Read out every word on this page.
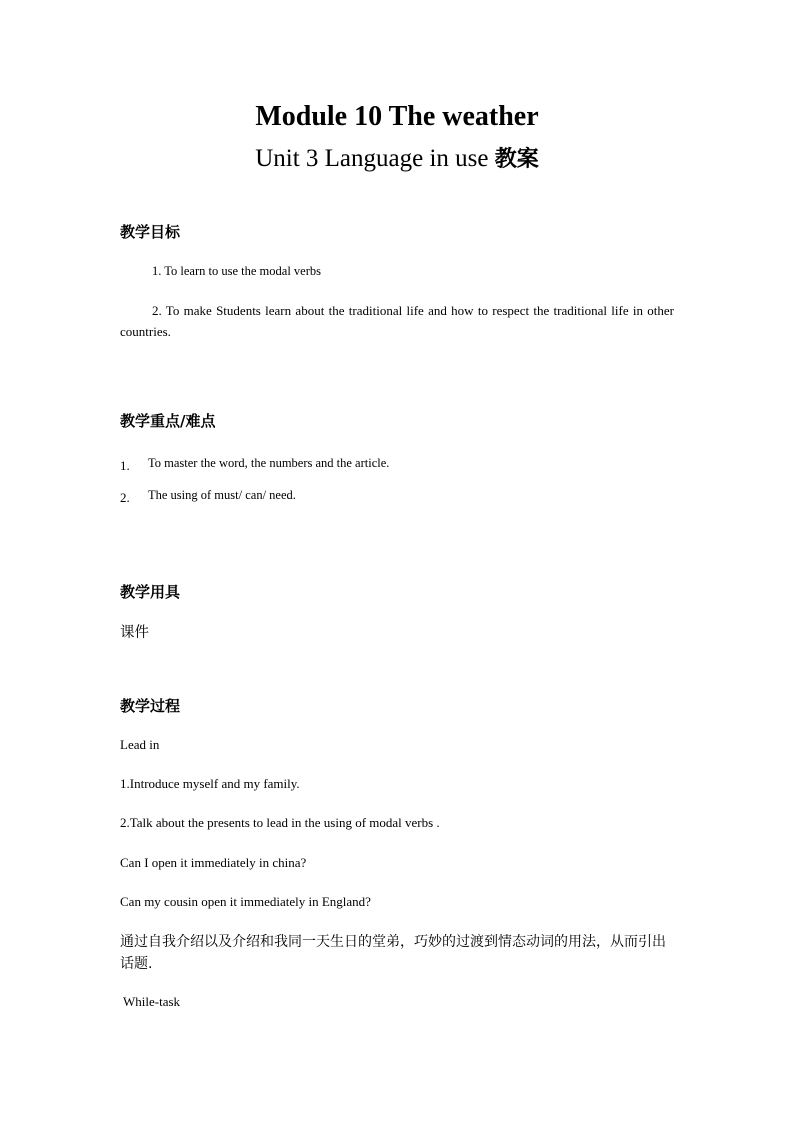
Module 10 The weather
Unit 3 Language in use 教案
教学目标
1. To learn to use the modal verbs
2. To make Students learn about the traditional life and how to respect the traditional life in other countries.
教学重点/难点
1. To master the word, the numbers and the article.
2. The using of must/ can/ need.
教学用具
课件
教学过程
Lead in
1.Introduce myself and my family.
2.Talk about the presents to lead in the using of modal verbs .
Can I open it immediately in china?
Can my cousin open it immediately in England?
通过自我介绍以及介绍和我同一天生日的堂弟，巧妙的过渡到情态动词的用法，从而引出话题.
While-task
